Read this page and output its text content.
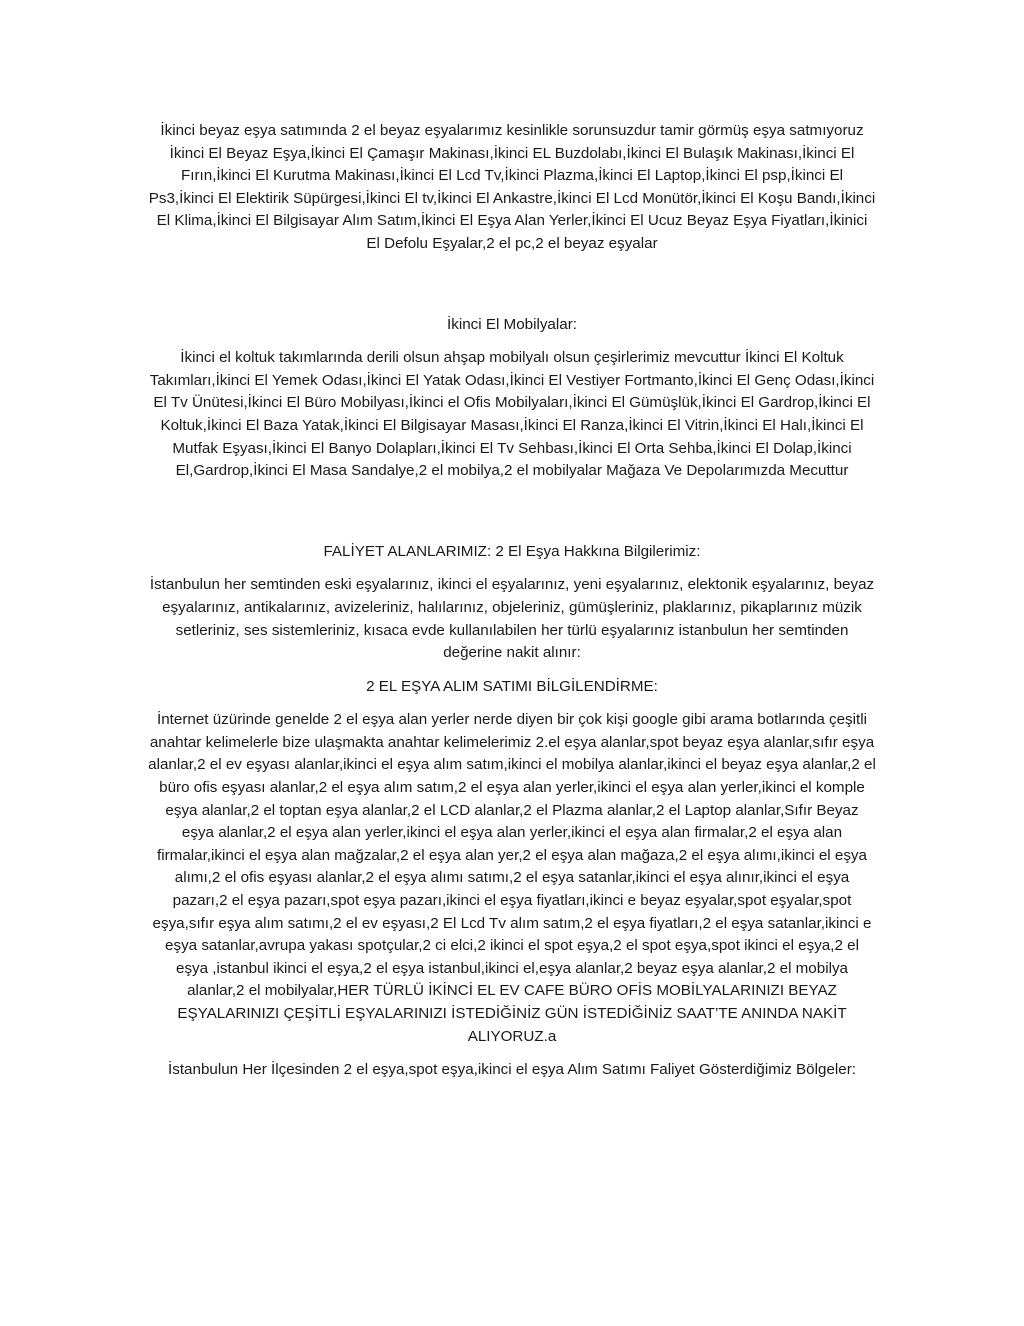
İkinci beyaz eşya satımında 2 el beyaz eşyalarımız kesinlikle sorunsuzdur tamir görmüş eşya satmıyoruz İkinci El Beyaz Eşya,İkinci El Çamaşır Makinası,İkinci EL Buzdolabı,İkinci El Bulaşık Makinası,İkinci El Fırın,İkinci El Kurutma Makinası,İkinci El Lcd Tv,İkinci Plazma,İkinci El Laptop,İkinci El psp,İkinci El Ps3,İkinci El Elektirik Süpürgesi,İkinci El tv,İkinci El Ankastre,İkinci El Lcd Monütör,İkinci El Koşu Bandı,İkinci El Klima,İkinci El Bilgisayar Alım Satım,İkinci El Eşya Alan Yerler,İkinci El Ucuz Beyaz Eşya Fiyatları,İkinici El Defolu Eşyalar,2 el pc,2 el beyaz eşyalar

İkinci El Mobilyalar:

İkinci el koltuk takımlarında derili olsun ahşap mobilyalı olsun çeşirlerimiz mevcuttur İkinci El Koltuk Takımları,İkinci El Yemek Odası,İkinci El Yatak Odası,İkinci El Vestiyer Fortmanto,İkinci El Genç Odası,İkinci El Tv Ünütesi,İkinci El Büro Mobilyası,İkinci el Ofis Mobilyaları,İkinci El Gümüşlük,İkinci El Gardrop,İkinci El Koltuk,İkinci El Baza Yatak,İkinci El Bilgisayar Masası,İkinci El Ranza,İkinci El Vitrin,İkinci El Halı,İkinci El Mutfak Eşyası,İkinci El Banyo Dolapları,İkinci El Tv Sehbası,İkinci El Orta Sehba,İkinci El Dolap,İkinci El,Gardrop,İkinci El Masa Sandalye,2 el mobilya,2 el mobilyalar Mağaza Ve Depolarımızda Mecuttur

FALİYET ALANLARIMIZ: 2 El Eşya Hakkına Bilgilerimiz:

İstanbulun her semtinden eski eşyalarınız, ikinci el eşyalarınız, yeni eşyalarınız, elektonik eşyalarınız, beyaz eşyalarınız, antikalarınız, avizeleriniz, halılarınız, objeleriniz, gümüşleriniz, plaklarınız, pikaplarınız müzik setleriniz, ses sistemleriniz, kısaca evde kullanılabilen her türlü eşyalarınız istanbulun her semtinden değerine nakit alınır:

2 EL EŞYA ALIM SATIMI BİLGİLENDİRME:

İnternet üzürinde genelde 2 el eşya alan yerler nerde diyen bir çok kişi google gibi arama botlarında çeşitli anahtar kelimelerle bize ulaşmakta anahtar kelimelerimiz 2.el eşya alanlar,spot beyaz eşya alanlar,sıfır eşya alanlar,2 el ev eşyası alanlar,ikinci el eşya alım satım,ikinci el mobilya alanlar,ikinci el beyaz eşya alanlar,2 el büro ofis eşyası alanlar,2 el eşya alım satım,2 el eşya alan yerler,ikinci el eşya alan yerler,ikinci el komple eşya alanlar,2 el toptan eşya alanlar,2 el LCD alanlar,2 el Plazma alanlar,2 el Laptop alanlar,Sıfır Beyaz eşya alanlar,2 el eşya alan yerler,ikinci el eşya alan yerler,ikinci el eşya alan firmalar,2 el eşya alan firmalar,ikinci el eşya alan mağzalar,2 el eşya alan yer,2 el eşya alan mağaza,2 el eşya alımı,ikinci el eşya alımı,2 el ofis eşyası alanlar,2 el eşya alımı satımı,2 el eşya satanlar,ikinci el eşya alınır,ikinci el eşya pazarı,2 el eşya pazarı,spot eşya pazarı,ikinci el eşya fiyatları,ikinci e beyaz eşyalar,spot eşyalar,spot eşya,sıfır eşya alım satımı,2 el ev eşyası,2 El Lcd Tv alım satım,2 el eşya fiyatları,2 el eşya satanlar,ikinci e eşya satanlar,avrupa yakası spotçular,2 ci elci,2 ikinci el spot eşya,2 el spot eşya,spot ikinci el eşya,2 el eşya ,istanbul ikinci el eşya,2 el eşya istanbul,ikinci el,eşya alanlar,2 beyaz eşya alanlar,2 el mobilya alanlar,2 el mobilyalar,HER TÜRLÜ İKİNCİ EL EV CAFE BÜRO OFİS MOBİLYALARINIZI BEYAZ EŞYALARINIZI ÇEŞİTLİ EŞYALARINIZI İSTEDİĞİNİZ GÜN İSTEDİĞİNİZ SAAT’TE ANINDA NAKİT ALIYORUZ.a

İstanbulun Her İlçesinden 2 el eşya,spot eşya,ikinci el eşya Alım Satımı Faliyet Gösterdiğimiz Bölgeler:
